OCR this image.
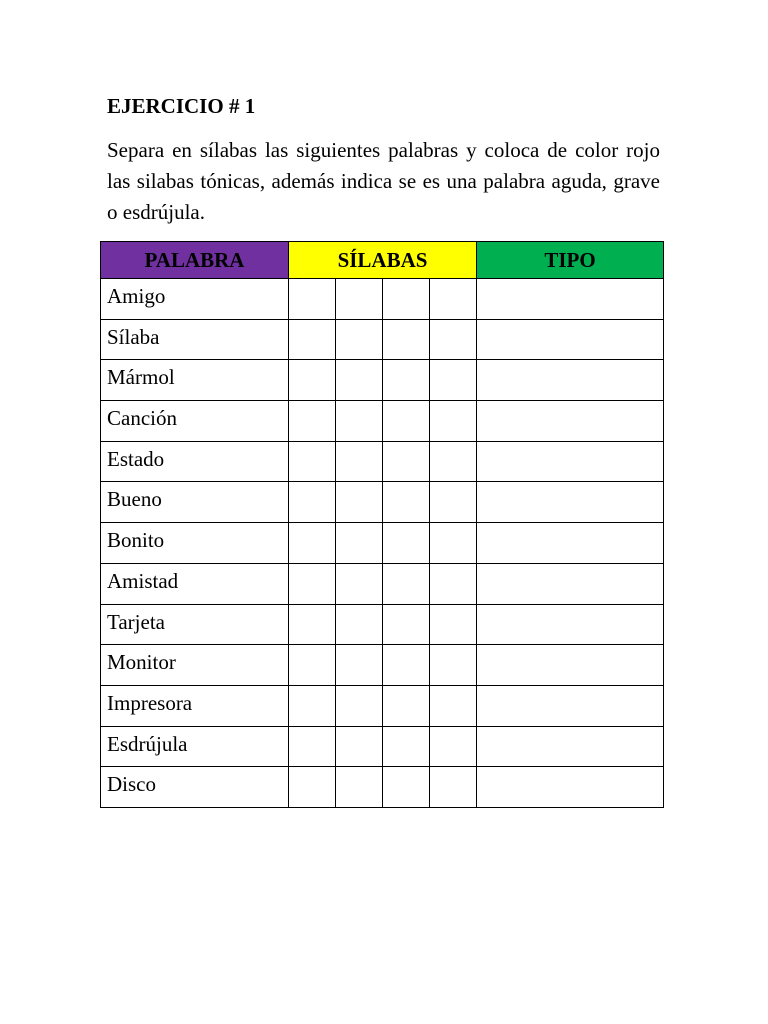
EJERCICIO # 1

Separa en sílabas las siguientes palabras y coloca de color rojo las silabas tónicas, además indica se es una palabra aguda, grave o esdrújula.

PALABRA	SÍLABAS				TIPO
Amigo					
Sílaba					
Mármol					
Canción					
Estado					
Bueno					
Bonito					
Amistad					
Tarjeta					
Monitor					
Impresora					
Esdrújula					
Disco					
